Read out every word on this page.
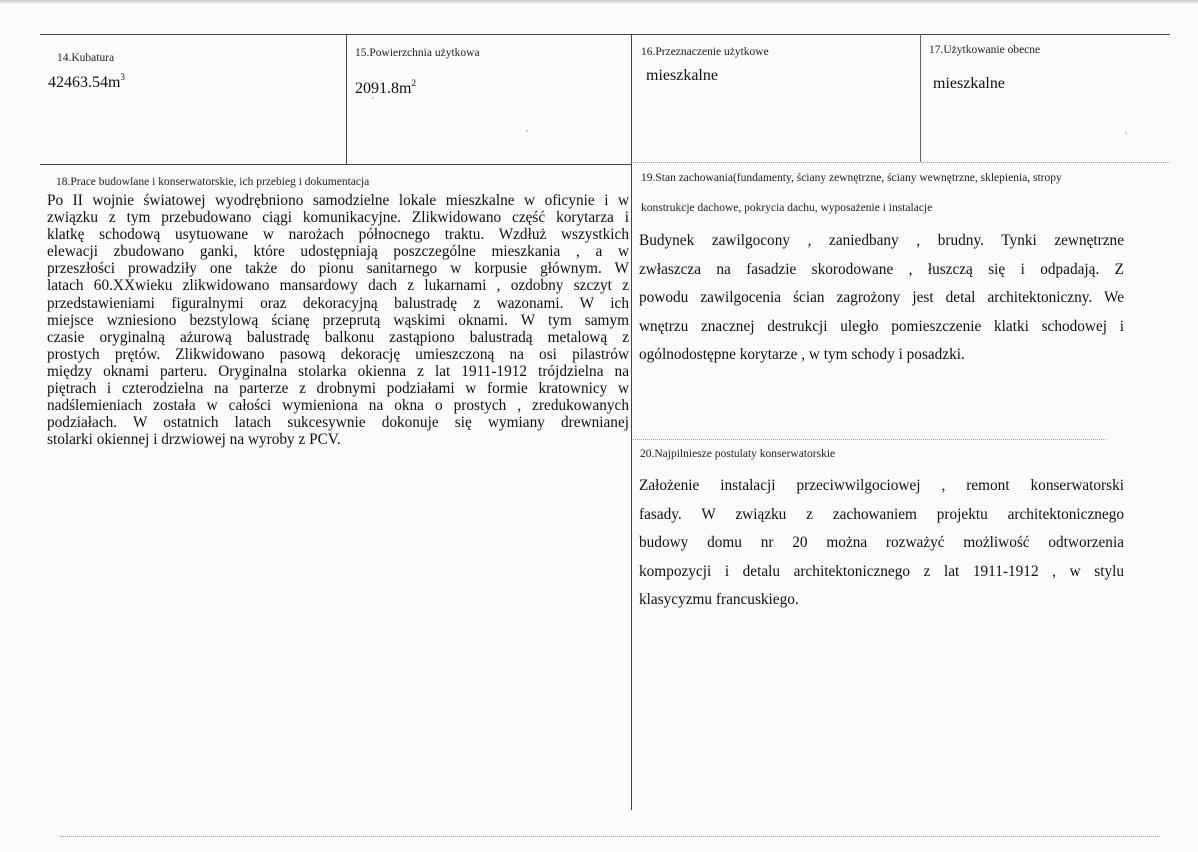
14.Kubatura
$42463.54m^3$
15.Powierzchnia użytkowa
$2091.8m^2$
16.Przeznaczenie użytkowe
mieszkalne
17.Użytkowanie obecne
mieszkalne
18.Prace budowlane i konserwatorskie, ich przebieg i dokumentacja
Po II wojnie światowej wyodrębniono samodzielne lokale mieszkalne w oficynie i w
związku z tym przebudowano ciągi komunikacyjne. Zlikwidowano część korytarza i
klatkę schodową usytuowane w narożach północnego traktu. Wzdłuż wszystkich
elewacji zbudowano ganki, które udostępniają poszczególne mieszkania , a w
przeszłości prowadziły one także do pionu sanitarnego w korpusie głównym. W
latach 60.XXwieku zlikwidowano mansardowy dach z lukarnami , ozdobny szczyt z
przedstawieniami figuralnymi oraz dekoracyjną balustradę z wazonami. W ich
miejsce wzniesiono bezstylową ścianę przeprutą wąskimi oknami. W tym samym
czasie oryginalną ażurową balustradę balkonu zastąpiono balustradą metalową z
prostych prętów. Zlikwidowano pasową dekorację umieszczoną na osi pilastrów
między oknami parteru. Oryginalna stolarka okienna z lat 1911-1912 trójdzielna na
piętrach i czterodzielna na parterze z drobnymi podziałami w formie kratownicy w
nadślemieniach została w całości wymieniona na okna o prostych , zredukowanych
podziałach. W ostatnich latach sukcesywnie dokonuje się wymiany drewnianej
stolarki okiennej i drzwiowej na wyroby z PCV.
19.Stan zachowania(fundamenty, ściany zewnętrzne, ściany wewnętrzne, sklepienia, stropy
konstrukcje dachowe, pokrycia dachu, wyposażenie i instalacje
Budynek zawilgocony , zaniedbany , brudny. Tynki zewnętrzne
zwłaszcza na fasadzie skorodowane , łuszczą się i odpadają. Z
powodu zawilgocenia ścian zagrożony jest detal architektoniczny. We
wnętrzu znacznej destrukcji uległo pomieszczenie klatki schodowej i
ogólnodostępne korytarze , w tym schody i posadzki.
20.Najpilniesze postulaty konserwatorskie
Założenie instalacji przeciwwilgociowej , remont konserwatorski
fasady. W związku z zachowaniem projektu architektonicznego
budowy domu nr 20 można rozważyć możliwość odtworzenia
kompozycji i detalu architektonicznego z lat 1911-1912 , w stylu
klasycyzmu francuskiego.
